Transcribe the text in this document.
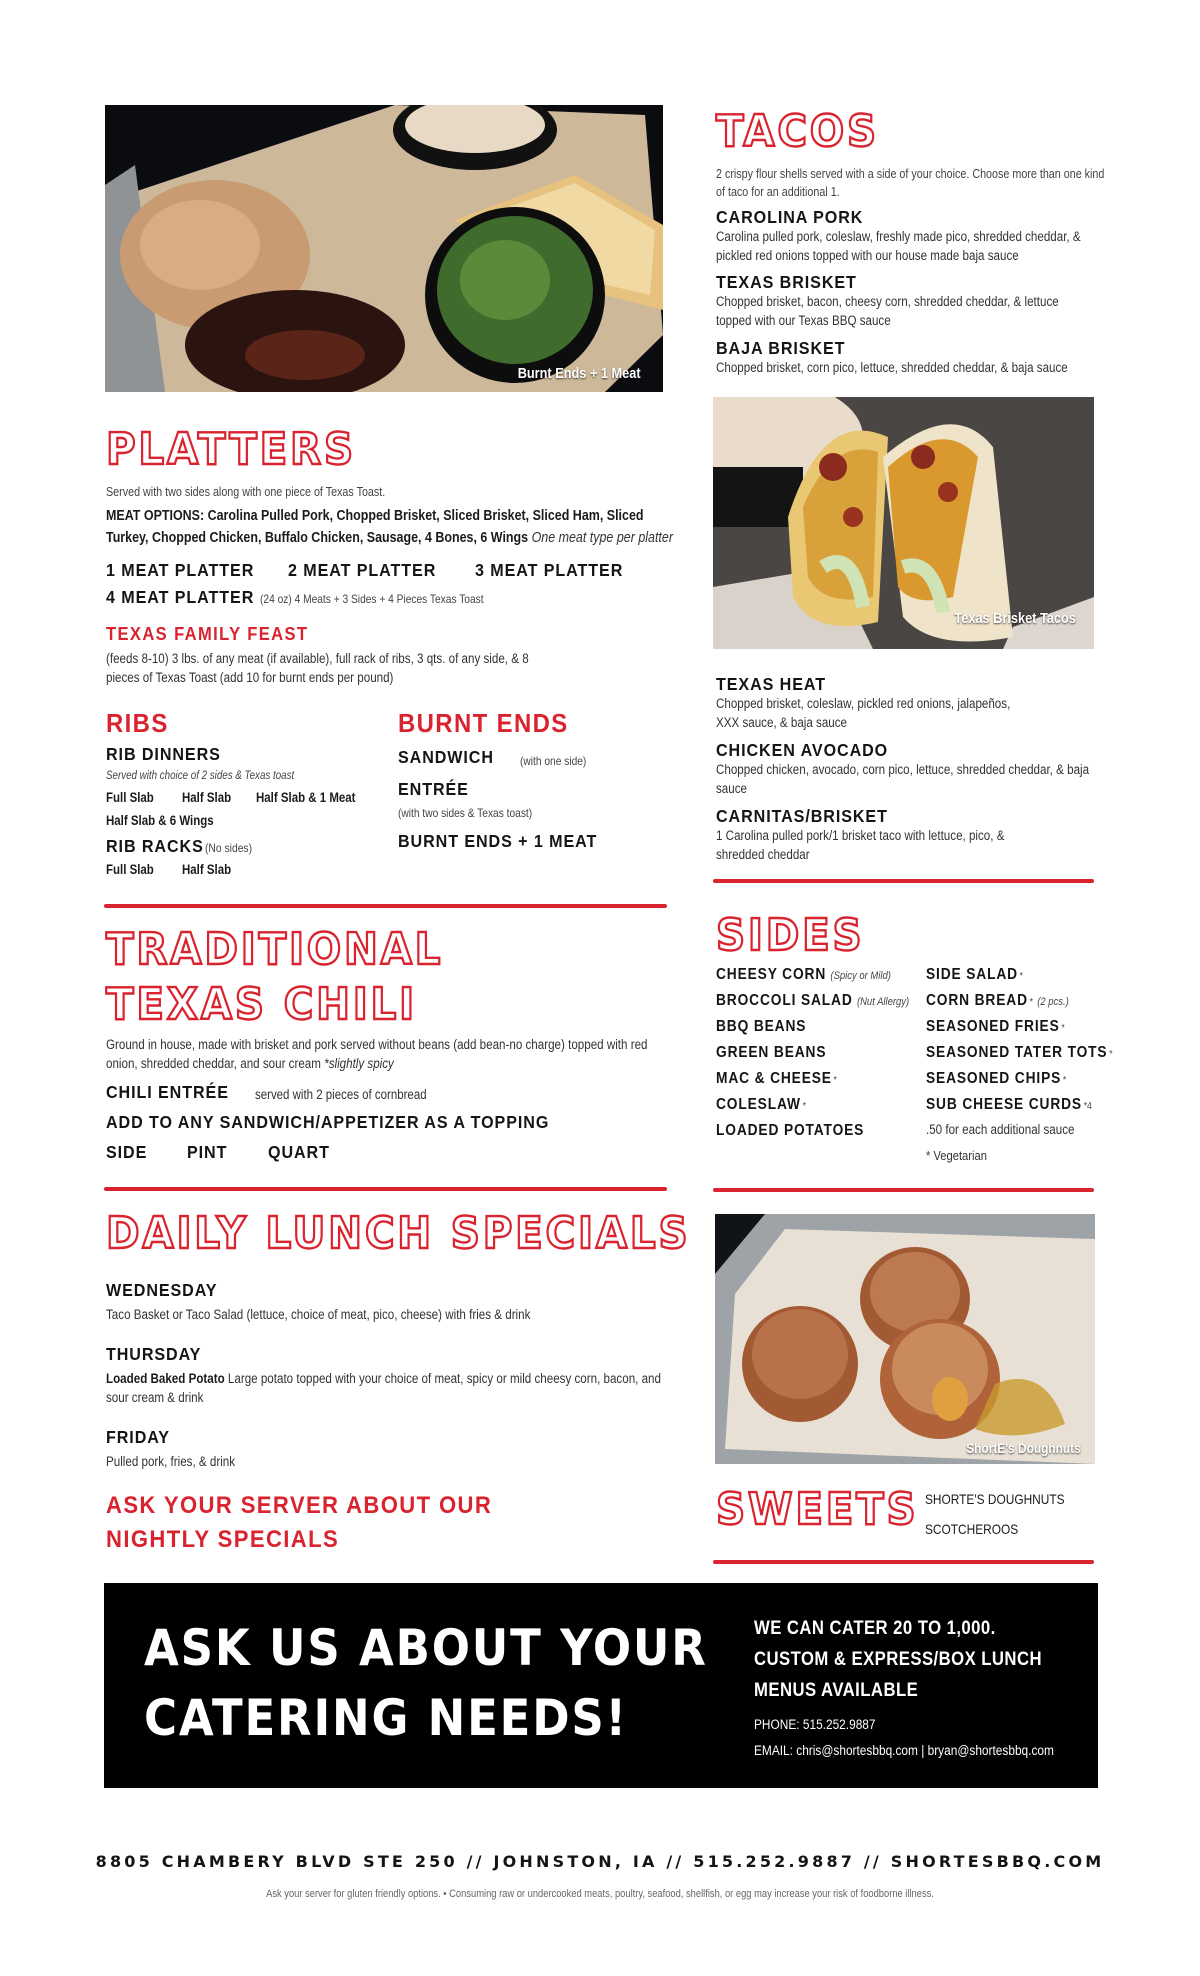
Burnt Ends + 1 Meat
TACOS
2 crispy flour shells served with a side of your choice. Choose more than one kind of taco for an additional 1.
CAROLINA PORK
Carolina pulled pork, coleslaw, freshly made pico, shredded cheddar, & pickled red onions topped with our house made baja sauce
TEXAS BRISKET
Chopped brisket, bacon, cheesy corn, shredded cheddar, & lettuce topped with our Texas BBQ sauce
BAJA BRISKET
Chopped brisket, corn pico, lettuce, shredded cheddar, & baja sauce
Texas Brisket Tacos
TEXAS HEAT
Chopped brisket, coleslaw, pickled red onions, jalapeños, XXX sauce, & baja sauce
CHICKEN AVOCADO
Chopped chicken, avocado, corn pico, lettuce, shredded cheddar, & baja sauce
CARNITAS/BRISKET
1 Carolina pulled pork/1 brisket taco with lettuce, pico, & shredded cheddar
PLATTERS
Served with two sides along with one piece of Texas Toast.
MEAT OPTIONS: Carolina Pulled Pork, Chopped Brisket, Sliced Brisket, Sliced Ham, Sliced Turkey, Chopped Chicken, Buffalo Chicken, Sausage, 4 Bones, 6 Wings One meat type per platter
1 MEAT PLATTER 2 MEAT PLATTER 3 MEAT PLATTER
4 MEAT PLATTER (24 oz) 4 Meats + 3 Sides + 4 Pieces Texas Toast
TEXAS FAMILY FEAST
(feeds 8-10) 3 lbs. of any meat (if available), full rack of ribs, 3 qts. of any side, & 8 pieces of Texas Toast (add 10 for burnt ends per pound)
RIBS
RIB DINNERS
Served with choice of 2 sides & Texas toast
Full Slab Half Slab Half Slab & 1 Meat
Half Slab & 6 Wings
RIB RACKS (No sides)
Full Slab Half Slab
BURNT ENDS
SANDWICH (with one side)
ENTRÉE
(with two sides & Texas toast)
BURNT ENDS + 1 MEAT
TRADITIONAL
TEXAS CHILI
Ground in house, made with brisket and pork served without beans (add bean-no charge) topped with red onion, shredded cheddar, and sour cream *slightly spicy
CHILI ENTRÉE served with 2 pieces of cornbread
ADD TO ANY SANDWICH/APPETIZER AS A TOPPING
SIDE PINT QUART
DAILY LUNCH SPECIALS
WEDNESDAY
Taco Basket or Taco Salad (lettuce, choice of meat, pico, cheese) with fries & drink
THURSDAY
Loaded Baked Potato Large potato topped with your choice of meat, spicy or mild cheesy corn, bacon, and sour cream & drink
FRIDAY
Pulled pork, fries, & drink
ASK YOUR SERVER ABOUT OUR
NIGHTLY SPECIALS
SIDES
CHEESY CORN (Spicy or Mild)
BROCCOLI SALAD (Nut Allergy)
BBQ BEANS
GREEN BEANS
MAC & CHEESE *
COLESLAW *
LOADED POTATOES
SIDE SALAD *
CORN BREAD * (2 pcs.)
SEASONED FRIES *
SEASONED TATER TOTS *
SEASONED CHIPS *
SUB CHEESE CURDS *4
.50 for each additional sauce
* Vegetarian
ShortE's Doughnuts
SWEETS SHORTE'S DOUGHNUTS
SCOTCHEROOS
ASK US ABOUT YOUR
CATERING NEEDS!
WE CAN CATER 20 TO 1,000.
CUSTOM & EXPRESS/BOX LUNCH
MENUS AVAILABLE
PHONE: 515.252.9887
EMAIL: chris@shortesbbq.com | bryan@shortesbbq.com
8805 CHAMBERY BLVD STE 250 // JOHNSTON, IA // 515.252.9887 // SHORTESBBQ.COM
Ask your server for gluten friendly options. • Consuming raw or undercooked meats, poultry, seafood, shellfish, or egg may increase your risk of foodborne illness.
